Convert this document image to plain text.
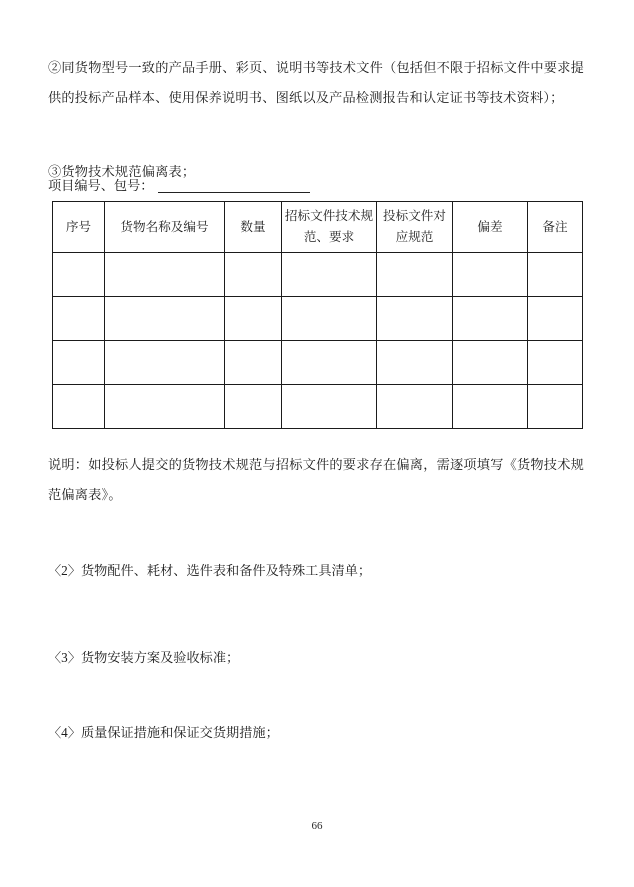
②同货物型号一致的产品手册、彩页、说明书等技术文件（包括但不限于招标文件中要求提供的投标产品样本、使用保养说明书、图纸以及产品检测报告和认定证书等技术资料）；

③货物技术规范偏离表；

项目编号、包号：
序号	货物名称及编号	数量	招标文件技术规范、要求	投标文件对应规范	偏差	备注

说明：如投标人提交的货物技术规范与招标文件的要求存在偏离，需逐项填写《货物技术规范偏离表》。

〈2〉货物配件、耗材、选件表和备件及特殊工具清单；
〈3〉货物安装方案及验收标准；
〈4〉质量保证措施和保证交货期措施；
66
